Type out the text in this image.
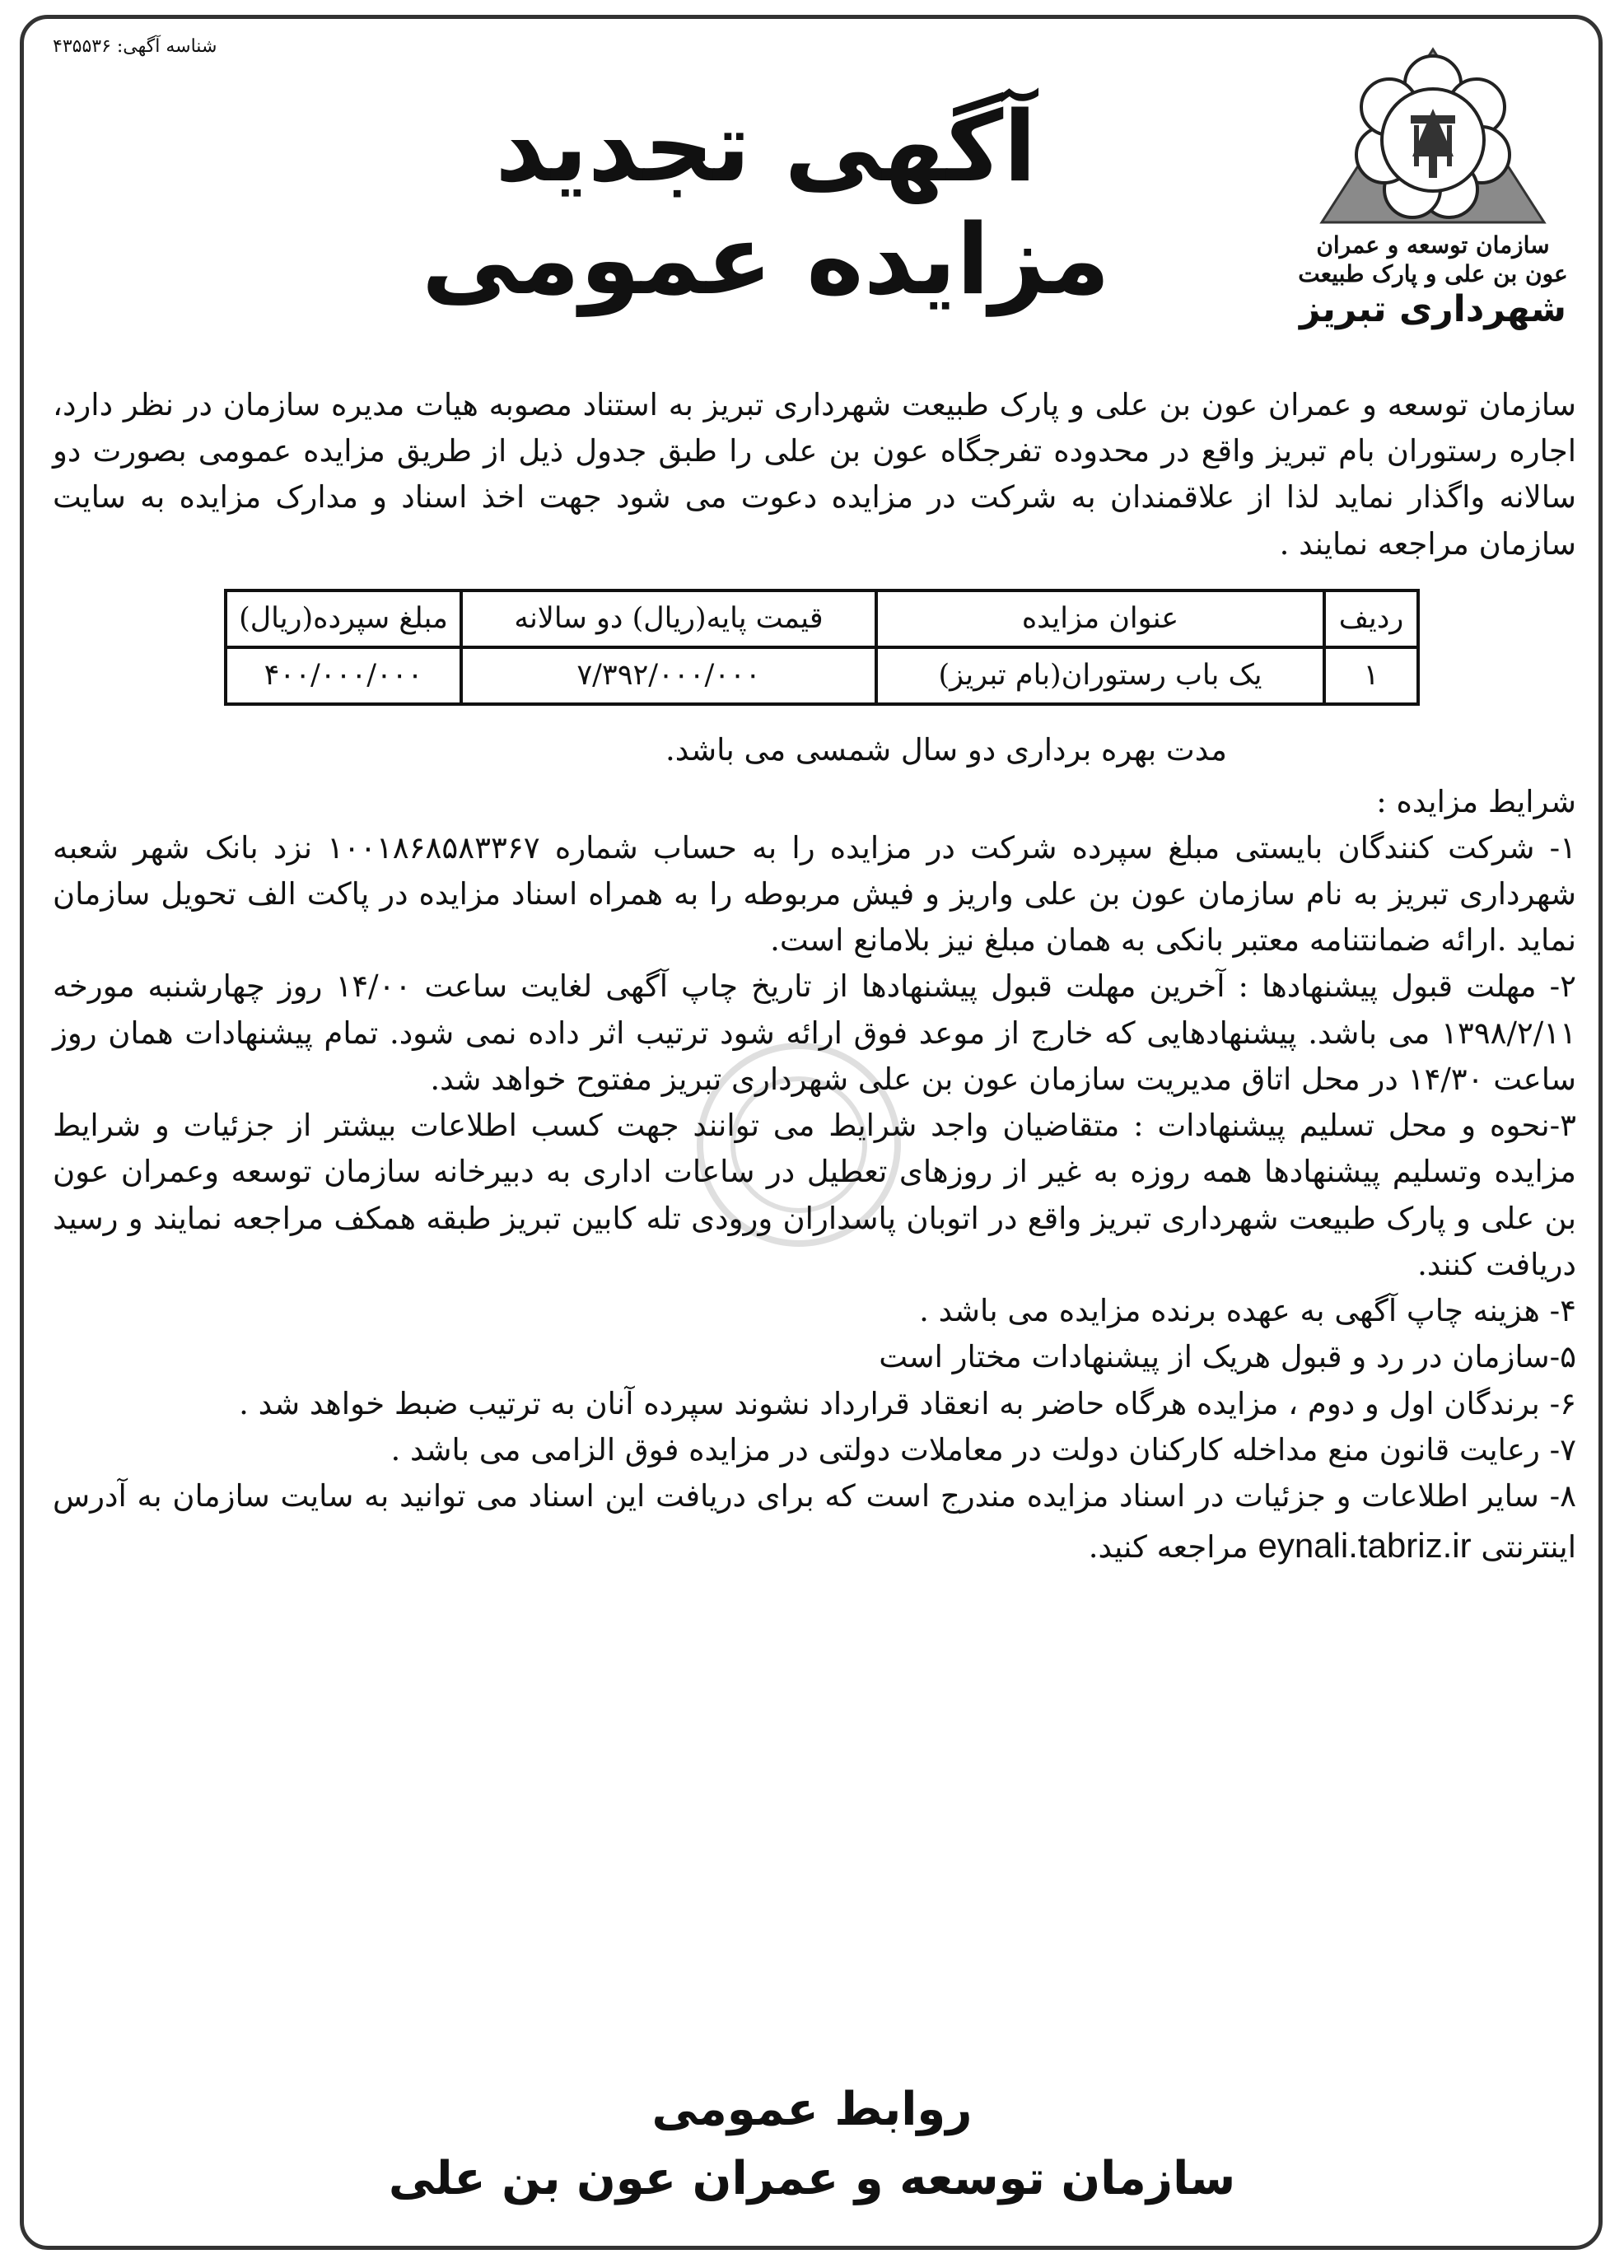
شناسه آگهی: ۴۳۵۵۳۶
سازمان توسعه و عمران
عون بن علی و پارک طبیعت
شهرداری تبریز
آگهی تجدید
مزایده عمومی

سازمان توسعه و عمران عون بن علی و پارک طبیعت شهرداری تبریز به استناد مصوبه هیات مدیره سازمان در نظر دارد، اجاره رستوران بام تبریز واقع در محدوده تفرجگاه عون بن علی را طبق جدول ذیل از طریق مزایده عمومی بصورت دو سالانه واگذار نماید لذا از علاقمندان به شرکت در مزایده دعوت می شود جهت اخذ اسناد و مدارک مزایده به سایت سازمان مراجعه نمایند .

ردیف	عنوان مزایده	قیمت پایه(ریال) دو سالانه	مبلغ سپرده(ریال)
۱	یک باب رستوران(بام تبریز)	۷/۳۹۲/۰۰۰/۰۰۰	۴۰۰/۰۰۰/۰۰۰

مدت بهره برداری دو سال شمسی می باشد.

شرایط مزایده :

۱- شرکت کنندگان بایستی مبلغ سپرده شرکت در مزایده را به حساب شماره ۱۰۰۱۸۶۸۵۸۳۳۶۷ نزد بانک شهر شعبه شهرداری تبریز به نام سازمان عون بن علی واریز و فیش مربوطه را به همراه اسناد مزایده در پاکت الف تحویل سازمان نماید .ارائه ضمانتنامه معتبر بانکی به همان مبلغ نیز بلامانع است.

۲- مهلت قبول پیشنهادها : آخرین مهلت قبول پیشنهادها از تاریخ چاپ آگهی لغایت ساعت ۱۴/۰۰ روز چهارشنبه مورخه ۱۳۹۸/۲/۱۱ می باشد. پیشنهادهایی که خارج از موعد فوق ارائه شود ترتیب اثر داده نمی شود. تمام پیشنهادات همان روز ساعت ۱۴/۳۰ در محل اتاق مدیریت سازمان عون بن علی شهرداری تبریز مفتوح خواهد شد.

۳-نحوه و محل تسلیم پیشنهادات : متقاضیان واجد شرایط می توانند جهت کسب اطلاعات بیشتر از جزئیات و شرایط مزایده وتسلیم پیشنهادها همه روزه به غیر از روزهای تعطیل در ساعات اداری به دبیرخانه سازمان توسعه وعمران عون بن علی و پارک طبیعت شهرداری تبریز واقع در اتوبان پاسداران ورودی تله کابین تبریز طبقه همکف مراجعه نمایند و رسید دریافت کنند.

۴- هزینه چاپ آگهی به عهده برنده مزایده می باشد .

۵-سازمان در رد و قبول هریک از پیشنهادات مختار است

۶- برندگان اول و دوم ، مزایده هرگاه حاضر به انعقاد قرارداد نشوند سپرده آنان به ترتیب ضبط خواهد شد .

۷- رعایت قانون منع مداخله کارکنان دولت در معاملات دولتی در مزایده فوق الزامی می باشد .

۸- سایر اطلاعات و جزئیات در اسناد مزایده مندرج است که برای دریافت این اسناد می توانید به سایت سازمان به آدرس اینترنتی eynali.tabriz.ir مراجعه کنید.

روابط عمومی
سازمان توسعه و عمران عون بن علی
